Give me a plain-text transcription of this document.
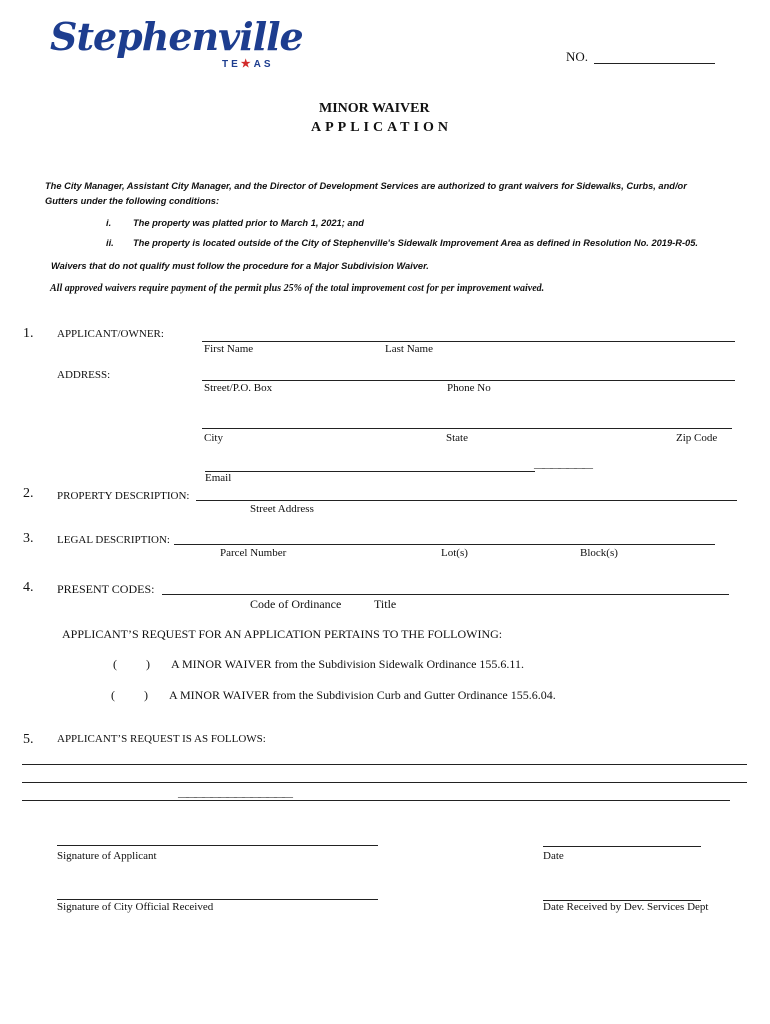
Stephenville
TE★AS
NO.
MINOR WAIVER
APPLICATION
The City Manager, Assistant City Manager, and the Director of Development Services are authorized to grant waivers for Sidewalks, Curbs, and/or
Gutters under the following conditions:
i. The property was platted prior to March 1, 2021; and
ii. The property is located outside of the City of Stephenville's Sidewalk Improvement Area as defined in Resolution No. 2019-R-05.
Waivers that do not qualify must follow the procedure for a Major Subdivision Waiver.
All approved waivers require payment of the permit plus 25% of the total improvement cost for per improvement waived.
1. APPLICANT/OWNER:
First Name	Last Name
ADDRESS:
Street/P.O. Box	Phone No
City	State	Zip Code
———————
Email
2. PROPERTY DESCRIPTION:
Street Address
3. LEGAL DESCRIPTION:
Parcel Number	Lot(s)	Block(s)
4. PRESENT CODES:
Code of Ordinance	Title
APPLICANT’S REQUEST FOR AN APPLICATION PERTAINS TO THE FOLLOWING:
( ) A MINOR WAIVER from the Subdivision Sidewalk Ordinance 155.6.11.
( ) A MINOR WAIVER from the Subdivision Curb and Gutter Ordinance 155.6.04.
5. APPLICANT’S REQUEST IS AS FOLLOWS:
——————————————
Signature of Applicant	Date
Signature of City Official Received	Date Received by Dev. Services Dept
